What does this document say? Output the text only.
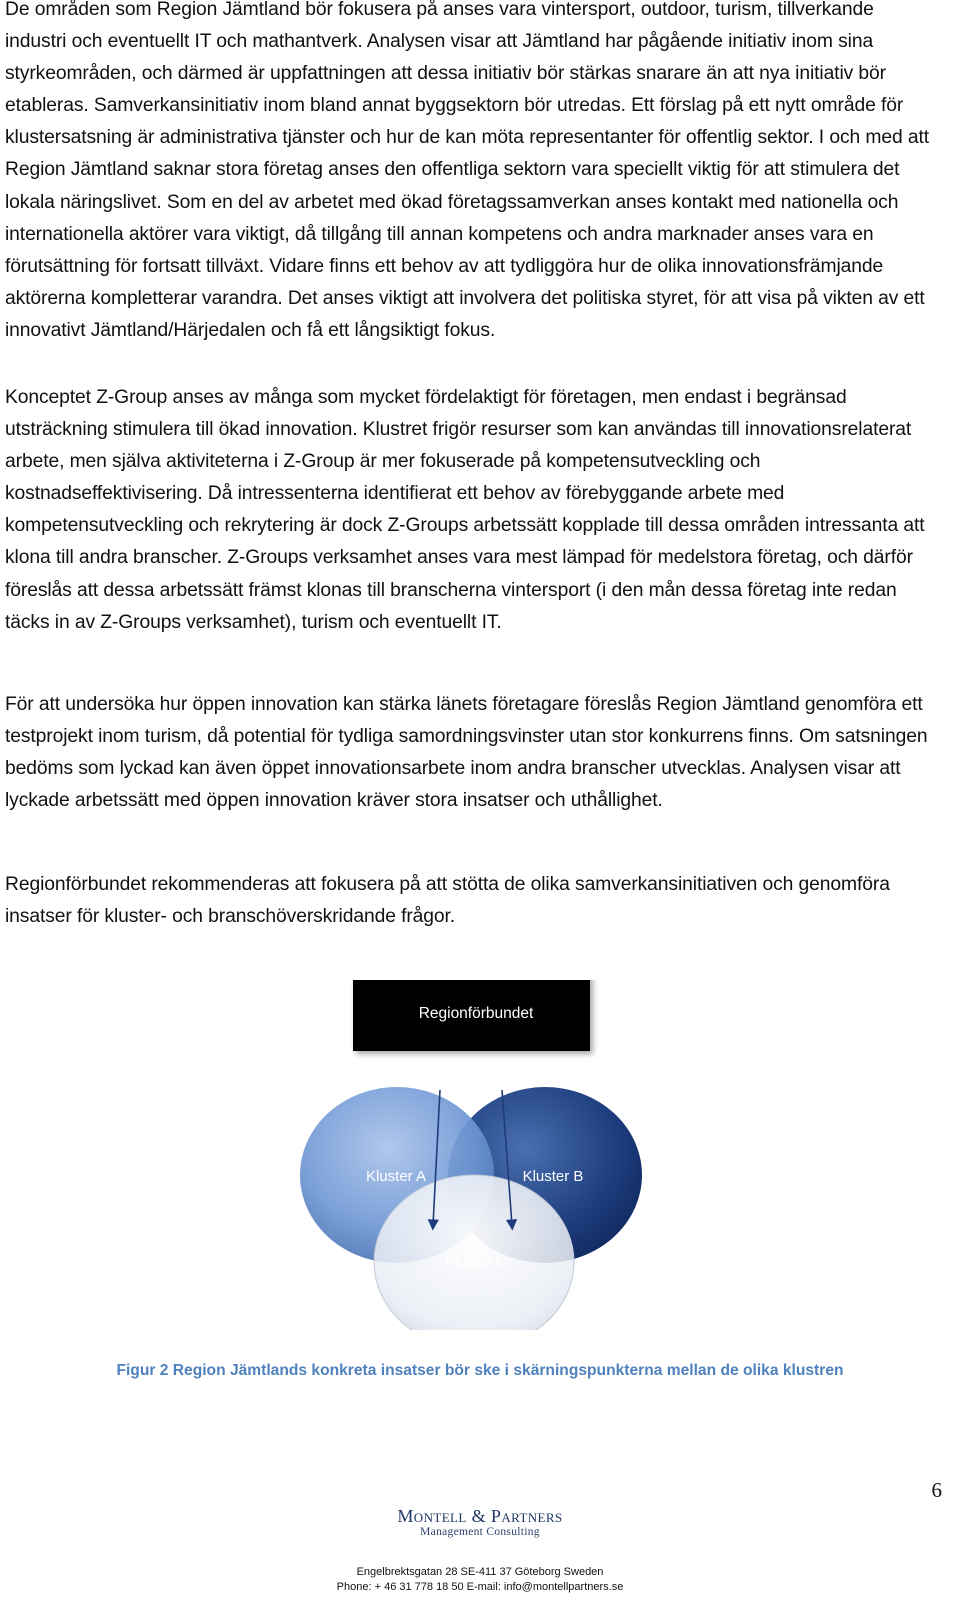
De områden som Region Jämtland bör fokusera på anses vara vintersport, outdoor, turism, tillverkande industri och eventuellt IT och mathantverk. Analysen visar att Jämtland har pågående initiativ inom sina styrkeområden, och därmed är uppfattningen att dessa initiativ bör stärkas snarare än att nya initiativ bör etableras. Samverkansinitiativ inom bland annat byggsektorn bör utredas. Ett förslag på ett nytt område för klustersatsning är administrativa tjänster och hur de kan möta representanter för offentlig sektor. I och med att Region Jämtland saknar stora företag anses den offentliga sektorn vara speciellt viktig för att stimulera det lokala näringslivet. Som en del av arbetet med ökad företagssamverkan anses kontakt med nationella och internationella aktörer vara viktigt, då tillgång till annan kompetens och andra marknader anses vara en förutsättning för fortsatt tillväxt. Vidare finns ett behov av att tydliggöra hur de olika innovationsfrämjande aktörerna kompletterar varandra. Det anses viktigt att involvera det politiska styret, för att visa på vikten av ett innovativt Jämtland/Härjedalen och få ett långsiktigt fokus.

Konceptet Z-Group anses av många som mycket fördelaktigt för företagen, men endast i begränsad utsträckning stimulera till ökad innovation. Klustret frigör resurser som kan användas till innovationsrelaterat arbete, men själva aktiviteterna i Z-Group är mer fokuserade på kompetensutveckling och kostnadseffektivisering. Då intressenterna identifierat ett behov av förebyggande arbete med kompetensutveckling och rekrytering är dock Z-Groups arbetssätt kopplade till dessa områden intressanta att klona till andra branscher. Z-Groups verksamhet anses vara mest lämpad för medelstora företag, och därför föreslås att dessa arbetssätt främst klonas till branscherna vintersport (i den mån dessa företag inte redan täcks in av Z-Groups verksamhet), turism och eventuellt IT.

För att undersöka hur öppen innovation kan stärka länets företagare föreslås Region Jämtland genomföra ett testprojekt inom turism, då potential för tydliga samordningsvinster utan stor konkurrens finns. Om satsningen bedöms som lyckad kan även öppet innovationsarbete inom andra branscher utvecklas. Analysen visar att lyckade arbetssätt med öppen innovation kräver stora insatser och uthållighet.

Regionförbundet rekommenderas att fokusera på att stötta de olika samverkansinitiativen och genomföra insatser för kluster- och branschöverskridande frågor.

Regionförbundet
Kluster A	Kluster B
Kluster C

Figur 2 Region Jämtlands konkreta insatser bör ske i skärningspunkterna mellan de olika klustren

6
Montell & Partners
Management Consulting
Engelbrektsgatan 28 SE-411 37 Göteborg Sweden
Phone: + 46 31 778 18 50 E-mail: info@montellpartners.se
